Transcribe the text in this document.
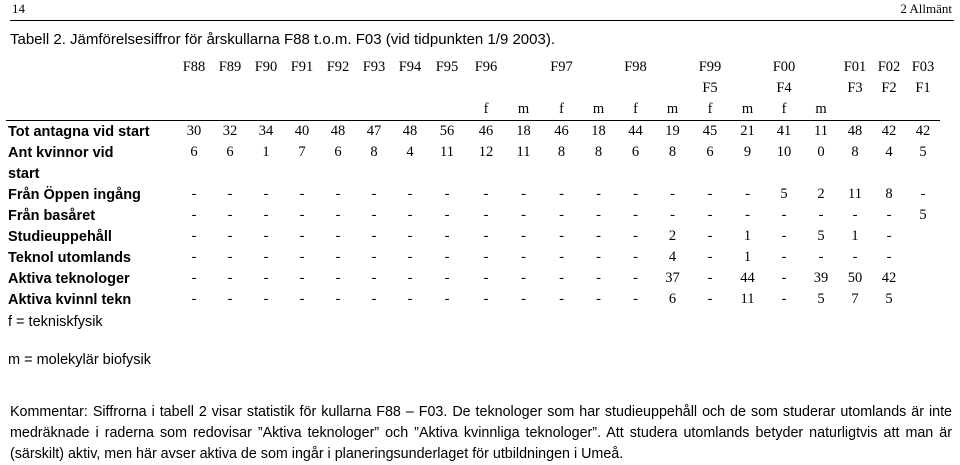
14	2 Allmänt
Tabell 2. Jämförelsesiffror för årskullarna F88 t.o.m. F03 (vid tidpunkten 1/9 2003).
	F88	F89	F90	F91	F92	F93	F94	F95	F96		F97		F98		F99		F00		F01	F02	F03
															F5		F4		F3	F2	F1
									f	m	f	m	f	m	f	m	f	m			
Tot antagna vid start	30	32	34	40	48	47	48	56	46	18	46	18	44	19	45	21	41	11	48	42	42
Ant kvinnor vid	6	6	1	7	6	8	4	11	12	11	8	8	6	8	6	9	10	0	8	4	5
start																					
Från Öppen ingång	-	-	-	-	-	-	-	-	-	-	-	-	-	-	-	-	5	2	11	8	-
Från basåret	-	-	-	-	-	-	-	-	-	-	-	-	-	-	-	-	-	-	-	-	5
Studieuppehåll	-	-	-	-	-	-	-	-	-	-	-	-	-	2	-	1	-	5	1	-	
Teknol utomlands	-	-	-	-	-	-	-	-	-	-	-	-	-	4	-	1	-	-	-	-	
Aktiva teknologer	-	-	-	-	-	-	-	-	-	-	-	-	-	37	-	44	-	39	50	42	
Aktiva kvinnl tekn	-	-	-	-	-	-	-	-	-	-	-	-	-	6	-	11	-	5	7	5	
f = tekniskfysik																					
m = molekylär biofysik																					
Kommentar: Siffrorna i tabell 2 visar statistik för kullarna F88 – F03. De teknologer som har studieuppehåll och de som studerar utomlands är inte medräknade i raderna som redovisar ”Aktiva teknologer” och ”Aktiva kvinnliga teknologer”. Att studera utomlands betyder naturligtvis att man är (särskilt) aktiv, men här avser aktiva de som ingår i planeringsunderlaget för utbildningen i Umeå.
